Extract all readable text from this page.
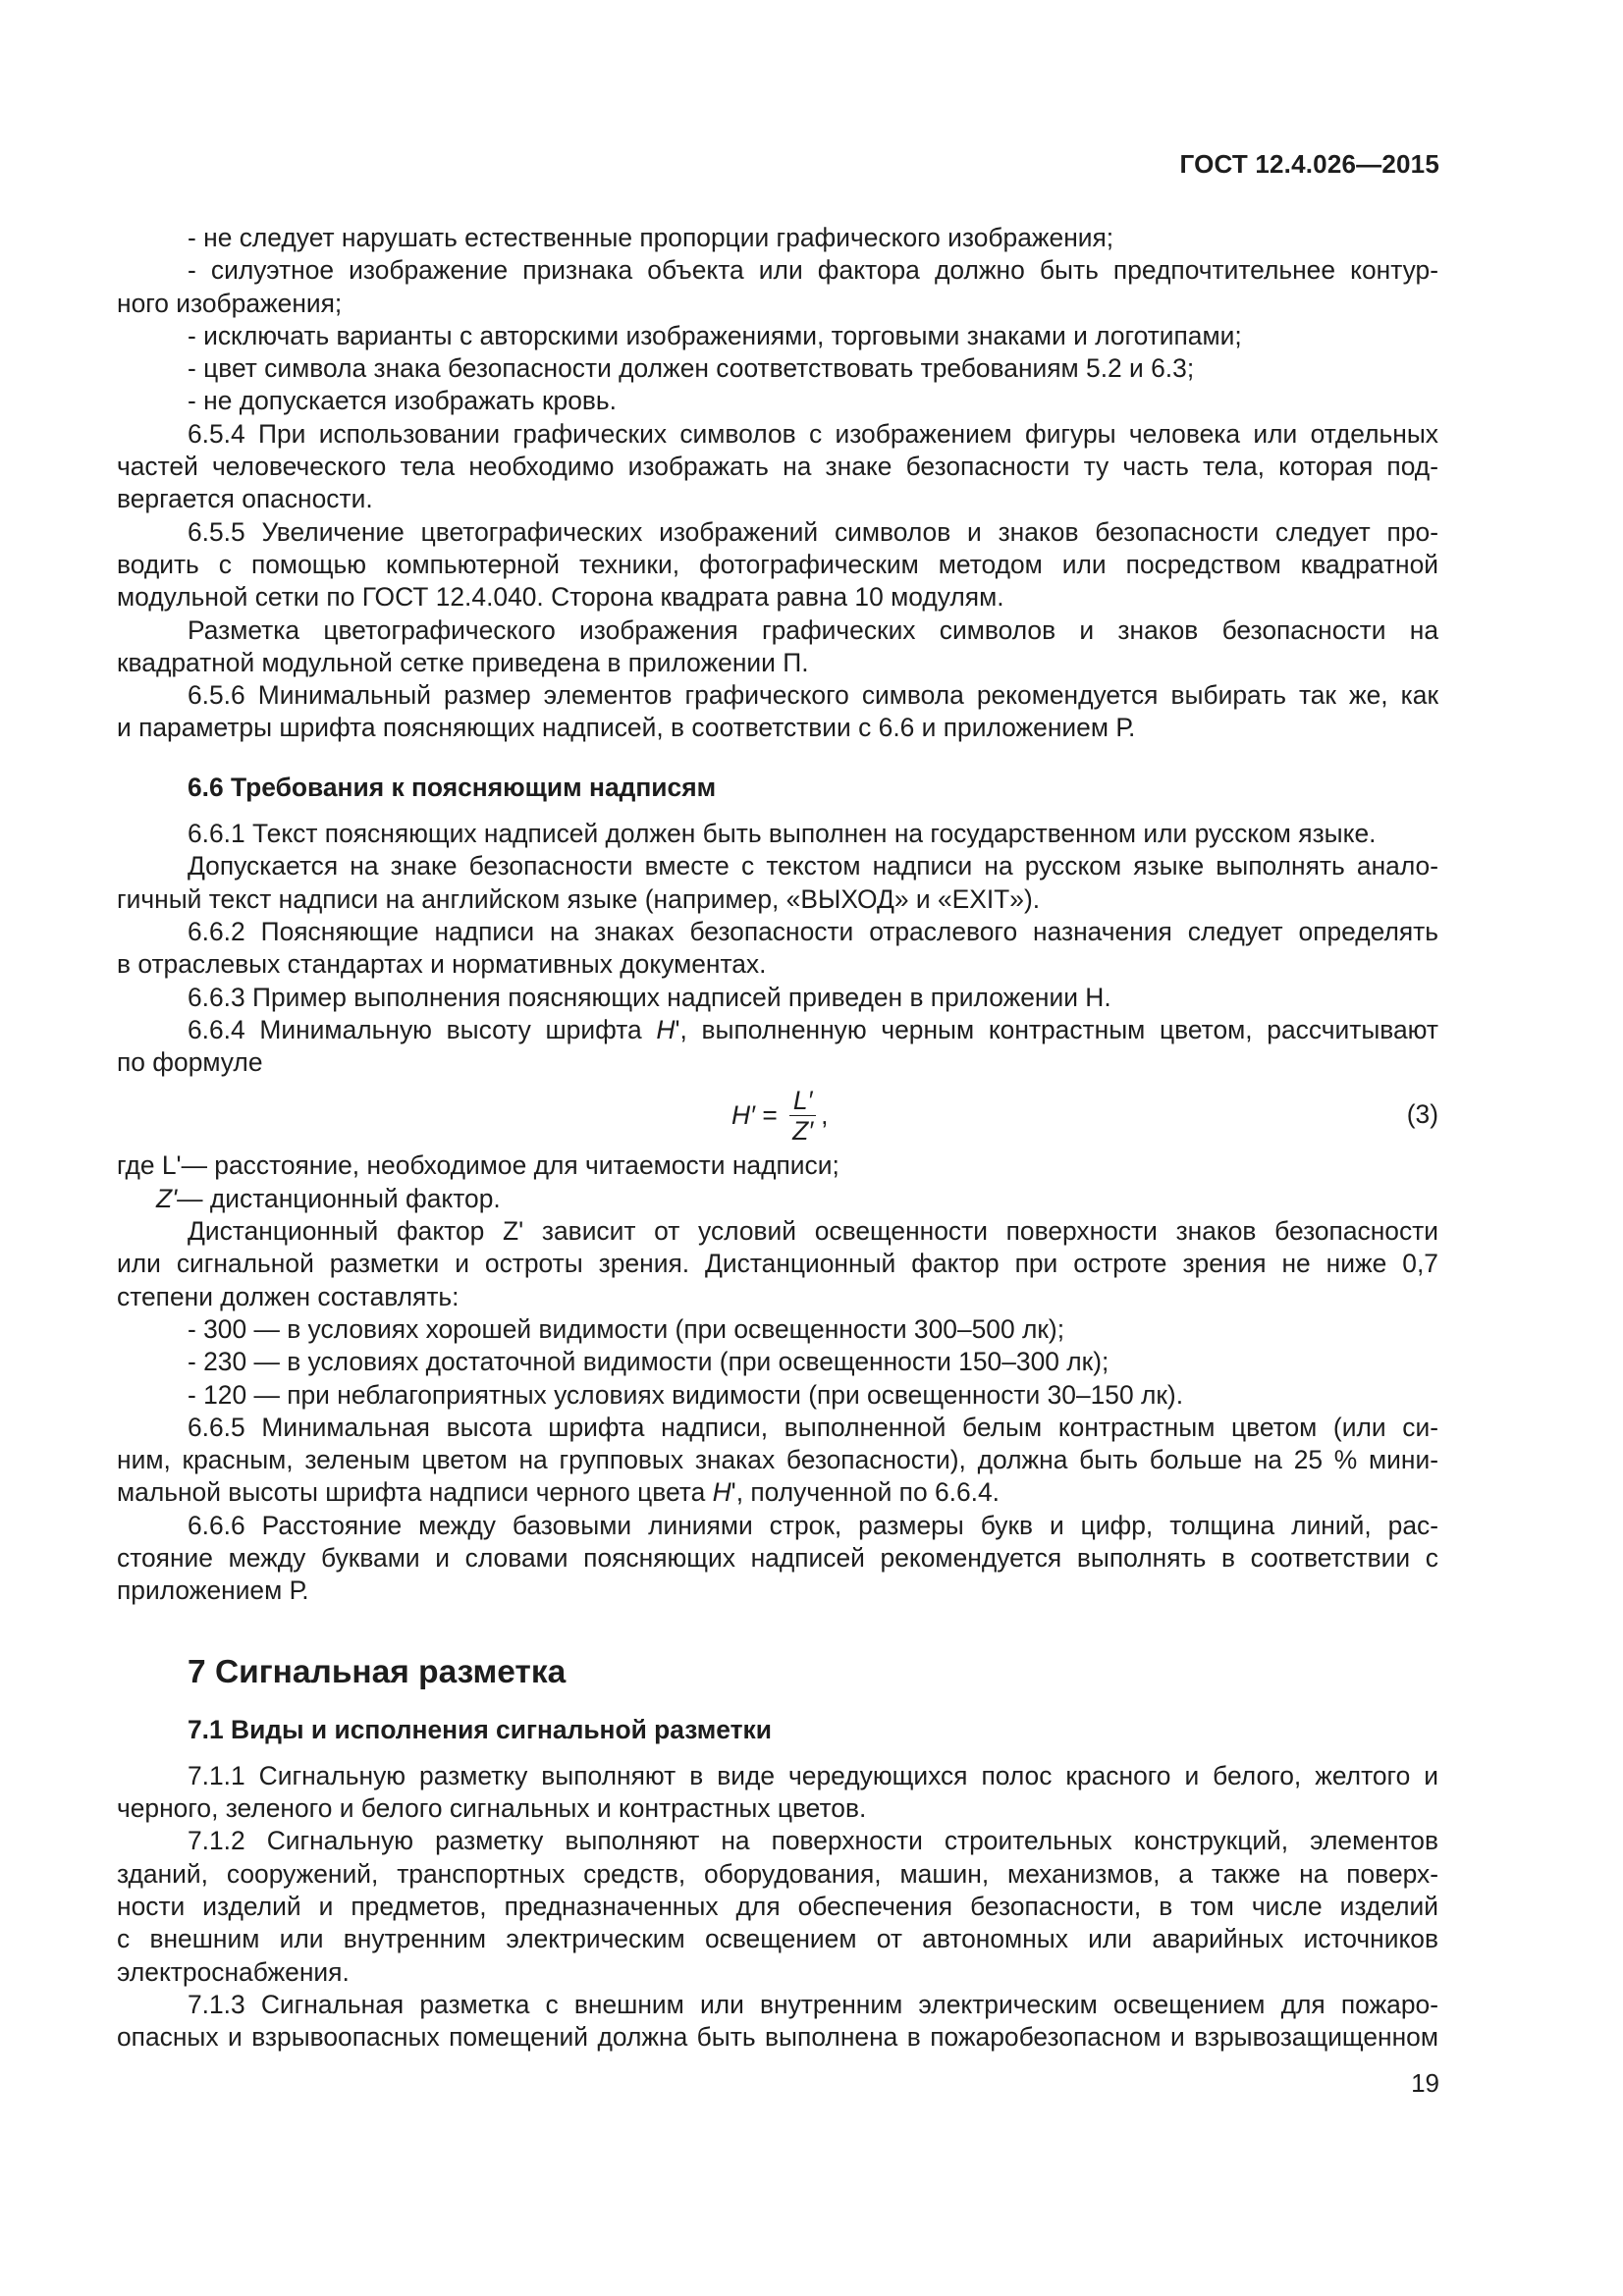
ГОСТ 12.4.026—2015

- не следует нарушать естественные пропорции графического изображения;

- силуэтное изображение признака объекта или фактора должно быть предпочтительнее контур-

ного изображения;

- исключать варианты с авторскими изображениями, торговыми знаками и логотипами;

- цвет символа знака безопасности должен соответствовать требованиям 5.2 и 6.3;

- не допускается изображать кровь.

6.5.4 При использовании графических символов с изображением фигуры человека или отдельных

частей человеческого тела необходимо изображать на знаке безопасности ту часть тела, которая под-

вергается опасности.

6.5.5 Увеличение цветографических изображений символов и знаков безопасности следует про-

водить с помощью компьютерной техники, фотографическим методом или посредством квадратной

модульной сетки по ГОСТ 12.4.040. Сторона квадрата равна 10 модулям.

Разметка цветографического изображения графических символов и знаков безопасности на

квадратной модульной сетке приведена в приложении П.

6.5.6 Минимальный размер элементов графического символа рекомендуется выбирать так же, как

и параметры шрифта поясняющих надписей, в соответствии с 6.6 и приложением Р.

6.6 Требования к поясняющим надписям

6.6.1 Текст поясняющих надписей должен быть выполнен на государственном или русском языке.

Допускается на знаке безопасности вместе с текстом надписи на русском языке выполнять анало-

гичный текст надписи на английском языке (например, «ВЫХОД» и «EXIT»).

6.6.2 Поясняющие надписи на знаках безопасности отраслевого назначения следует определять

в отраслевых стандартах и нормативных документах.

6.6.3 Пример выполнения поясняющих надписей приведен в приложении Н.

6.6.4 Минимальную высоту шрифта H', выполненную черным контрастным цветом, рассчитывают

по формуле

$H' = \frac{L'}{Z'}$ ,	(3)
где L' — расстояние, необходимое для читаемости надписи;
Z' — дистанционный фактор.

Дистанционный фактор Z' зависит от условий освещенности поверхности знаков безопасности

или сигнальной разметки и остроты зрения. Дистанционный фактор при остроте зрения не ниже 0,7

степени должен составлять:

- 300 — в условиях хорошей видимости (при освещенности 300–500 лк);

- 230 — в условиях достаточной видимости (при освещенности 150–300 лк);

- 120 — при неблагоприятных условиях видимости (при освещенности 30–150 лк).

6.6.5 Минимальная высота шрифта надписи, выполненной белым контрастным цветом (или си-

ним, красным, зеленым цветом на групповых знаках безопасности), должна быть больше на 25 % мини-

мальной высоты шрифта надписи черного цвета H', полученной по 6.6.4.

6.6.6 Расстояние между базовыми линиями строк, размеры букв и цифр, толщина линий, рас-

стояние между буквами и словами поясняющих надписей рекомендуется выполнять в соответствии с

приложением Р.

7 Сигнальная разметка

7.1 Виды и исполнения сигнальной разметки

7.1.1 Сигнальную разметку выполняют в виде чередующихся полос красного и белого, желтого и

черного, зеленого и белого сигнальных и контрастных цветов.

7.1.2 Сигнальную разметку выполняют на поверхности строительных конструкций, элементов

зданий, сооружений, транспортных средств, оборудования, машин, механизмов, а также на поверх-

ности изделий и предметов, предназначенных для обеспечения безопасности, в том числе изделий

с внешним или внутренним электрическим освещением от автономных или аварийных источников

электроснабжения.

7.1.3 Сигнальная разметка с внешним или внутренним электрическим освещением для пожаро-

опасных и взрывоопасных помещений должна быть выполнена в пожаробезопасном и взрывозащищенном

19
